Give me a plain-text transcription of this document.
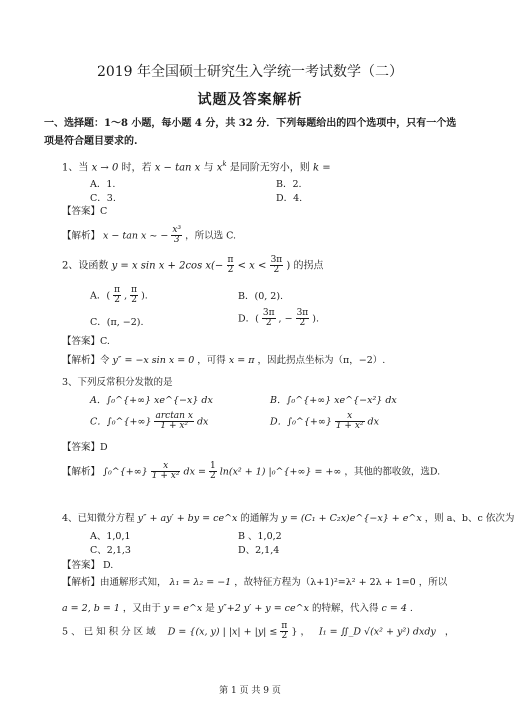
2019 年全国硕士研究生入学统一考试数学（二）
试题及答案解析
一、选择题：1～8 小题，每小题 4 分，共 32 分．下列每题给出的四个选项中，只有一个选
项是符合题目要求的.
1、当 x → 0 时，若 x − tan x 与 $x^k$ 是同阶无穷小，则 k =
A．1.	B．2.
C．3.	D．4.
【答案】C
【解析】 x − tan x ~ − $\frac{\text{x³}}{3}$ ，所以选 C.
2、设函数 y = x sin x + 2cos $x(- \frac{\pi}{2} < x < \frac{3\pi}{2}$ ) 的拐点
A．( $\frac{\pi}{2}$ , $\frac{\pi}{2}$ ).	B．(0, 2).
C．(π, −2).	D．( $\frac{3\pi}{2}$ , − $\frac{3\pi}{2}$ ).
【答案】C.
【解析】令 y″ = −x sin x = 0 ，可得 x = π ，因此拐点坐标为（π，−2）.
3、下列反常积分发散的是
A．∫₀^{+∞} xe^{−x} dx	B．∫₀^{+∞} xe^{−x²} dx
C．∫₀^{+∞} $\frac{\text{arctan x}}{\text{1 + x²}}$ dx	D．∫₀^{+∞} $\frac{x}{\text{1 + x²}}$ dx
【答案】D
【解析】 ∫₀^{+∞} $\frac{x}{\text{1 + x²}}$ dx = $\frac{1}{2} \ln(x^2 + 1)$ |₀^{+∞} = +∞ ，其他的都收敛，选D.
4、已知微分方程 y″ + ay′ + by = ce^x 的通解为 y = (C₁ + C₂x)e^{−x} + e^x ，则 a、b、c 依次为
A、1,0,1	B 、1,0,2
C、2,1,3	D、2,1,4
【答案】 D.
【解析】由通解形式知， λ₁ = λ₂ = −1 ，故特征方程为（λ+1)²=λ² + 2λ + 1=0 ，所以
a = 2, b = 1 ，又由于 y = e^x 是 y″+2 y′ + y = ce^x 的特解，代入得 c = 4 .
5 、 已 知 积 分 区 域 D = {(x, y) | $|x| + |y| \le \frac{\pi}{2}$ } ， I₁ = ∬_D √(x² + y²) dxdy ，
第 1 页 共 9 页
